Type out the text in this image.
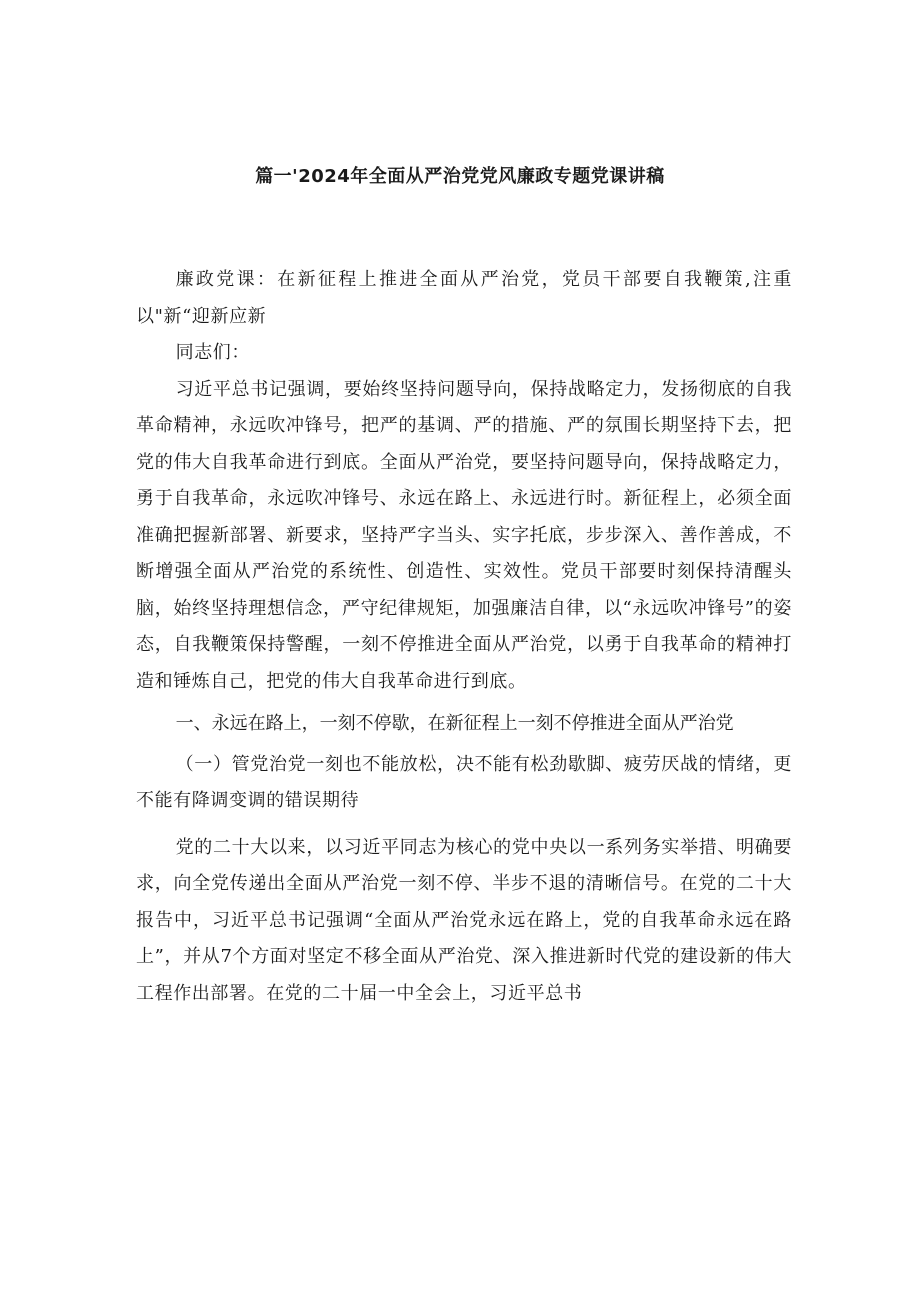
篇一'2024年全面从严治党党风廉政专题党课讲稿

廉政党课：在新征程上推进全面从严治党，党员干部要自我鞭策,注重以"新“迎新应新

同志们：

习近平总书记强调，要始终坚持问题导向，保持战略定力，发扬彻底的自我革命精神，永远吹冲锋号，把严的基调、严的措施、严的氛围长期坚持下去，把党的伟大自我革命进行到底。全面从严治党，要坚持问题导向，保持战略定力，勇于自我革命，永远吹冲锋号、永远在路上、永远进行时。新征程上，必须全面准确把握新部署、新要求，坚持严字当头、实字托底，步步深入、善作善成，不断增强全面从严治党的系统性、创造性、实效性。党员干部要时刻保持清醒头脑，始终坚持理想信念，严守纪律规矩，加强廉洁自律，以“永远吹冲锋号”的姿态，自我鞭策保持警醒，一刻不停推进全面从严治党，以勇于自我革命的精神打造和锤炼自己，把党的伟大自我革命进行到底。

一、永远在路上，一刻不停歇，在新征程上一刻不停推进全面从严治党

（一）管党治党一刻也不能放松，决不能有松劲歇脚、疲劳厌战的情绪，更不能有降调变调的错误期待

党的二十大以来，以习近平同志为核心的党中央以一系列务实举措、明确要求，向全党传递出全面从严治党一刻不停、半步不退的清晰信号。在党的二十大报告中，习近平总书记强调“全面从严治党永远在路上，党的自我革命永远在路上”，并从7个方面对坚定不移全面从严治党、深入推进新时代党的建设新的伟大工程作出部署。在党的二十届一中全会上，习近平总书
